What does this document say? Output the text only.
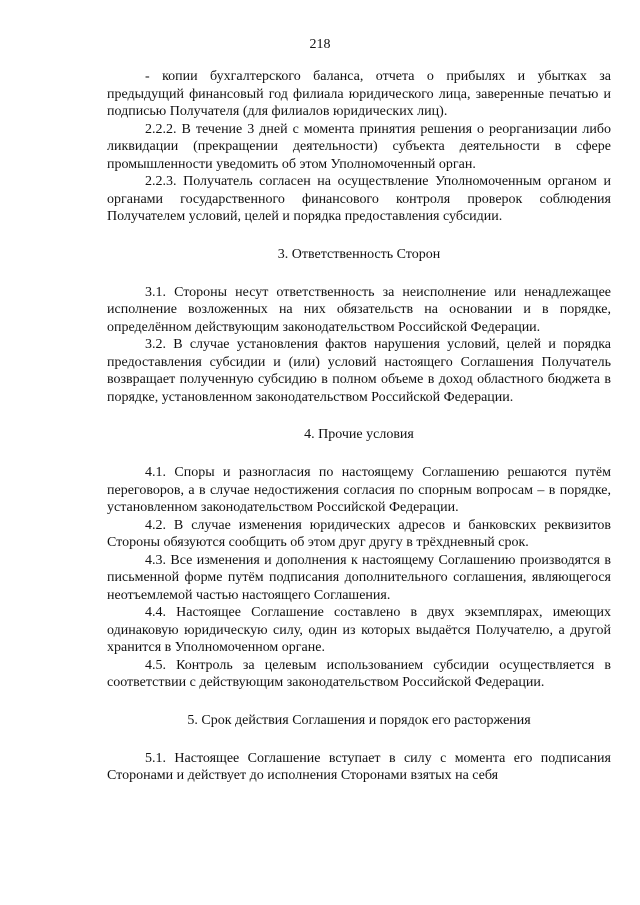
218

- копии бухгалтерского баланса, отчета о прибылях и убытках за предыдущий финансовый год филиала юридического лица, заверенные печатью и подписью Получателя (для филиалов юридических лиц).

2.2.2. В течение 3 дней с момента принятия решения о реорганизации либо ликвидации (прекращении деятельности) субъекта деятельности в сфере промышленности уведомить об этом Уполномоченный орган.

2.2.3. Получатель согласен на осуществление Уполномоченным органом и органами государственного финансового контроля проверок соблюдения Получателем условий, целей и порядка предоставления субсидии.

3. Ответственность Сторон

3.1. Стороны несут ответственность за неисполнение или ненадлежащее исполнение возложенных на них обязательств на основании и в порядке, определённом действующим законодательством Российской Федерации.

3.2. В случае установления фактов нарушения условий, целей и порядка предоставления субсидии и (или) условий настоящего Соглашения Получатель возвращает полученную субсидию в полном объеме в доход областного бюджета в порядке, установленном законодательством Российской Федерации.

4. Прочие условия

4.1. Споры и разногласия по настоящему Соглашению решаются путём переговоров, а в случае недостижения согласия по спорным вопросам – в порядке, установленном законодательством Российской Федерации.

4.2. В случае изменения юридических адресов и банковских реквизитов Стороны обязуются сообщить об этом друг другу в трёхдневный срок.

4.3. Все изменения и дополнения к настоящему Соглашению производятся в письменной форме путём подписания дополнительного соглашения, являющегося неотъемлемой частью настоящего Соглашения.

4.4. Настоящее Соглашение составлено в двух экземплярах, имеющих одинаковую юридическую силу, один из которых выдаётся Получателю, а другой хранится в Уполномоченном органе.

4.5. Контроль за целевым использованием субсидии осуществляется в соответствии с действующим законодательством Российской Федерации.

5. Срок действия Соглашения и порядок его расторжения

5.1. Настоящее Соглашение вступает в силу с момента его подписания Сторонами и действует до исполнения Сторонами взятых на себя
